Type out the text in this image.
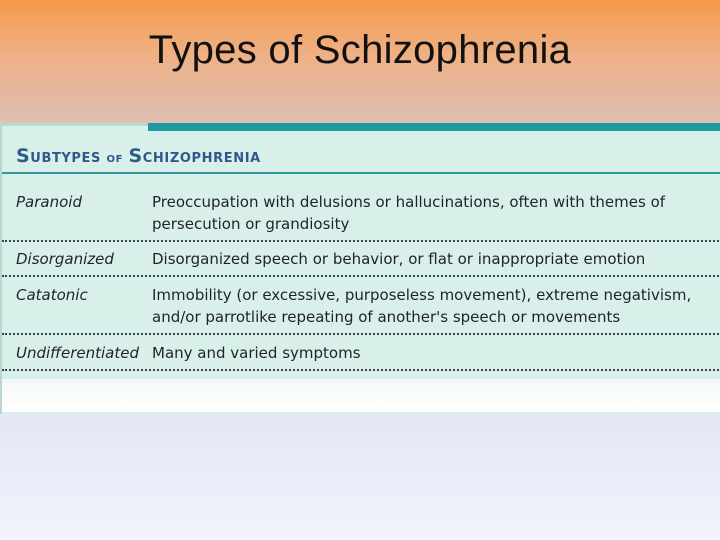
Types of Schizophrenia
Subtypes of Schizophrenia
Paranoid	Preoccupation with delusions or hallucinations, often with themes of persecution or grandiosity
Disorganized	Disorganized speech or behavior, or flat or inappropriate emotion
Catatonic	Immobility (or excessive, purposeless movement), extreme negativism, and/or parrotlike repeating of another's speech or movements
Undifferentiated Many and varied symptoms
